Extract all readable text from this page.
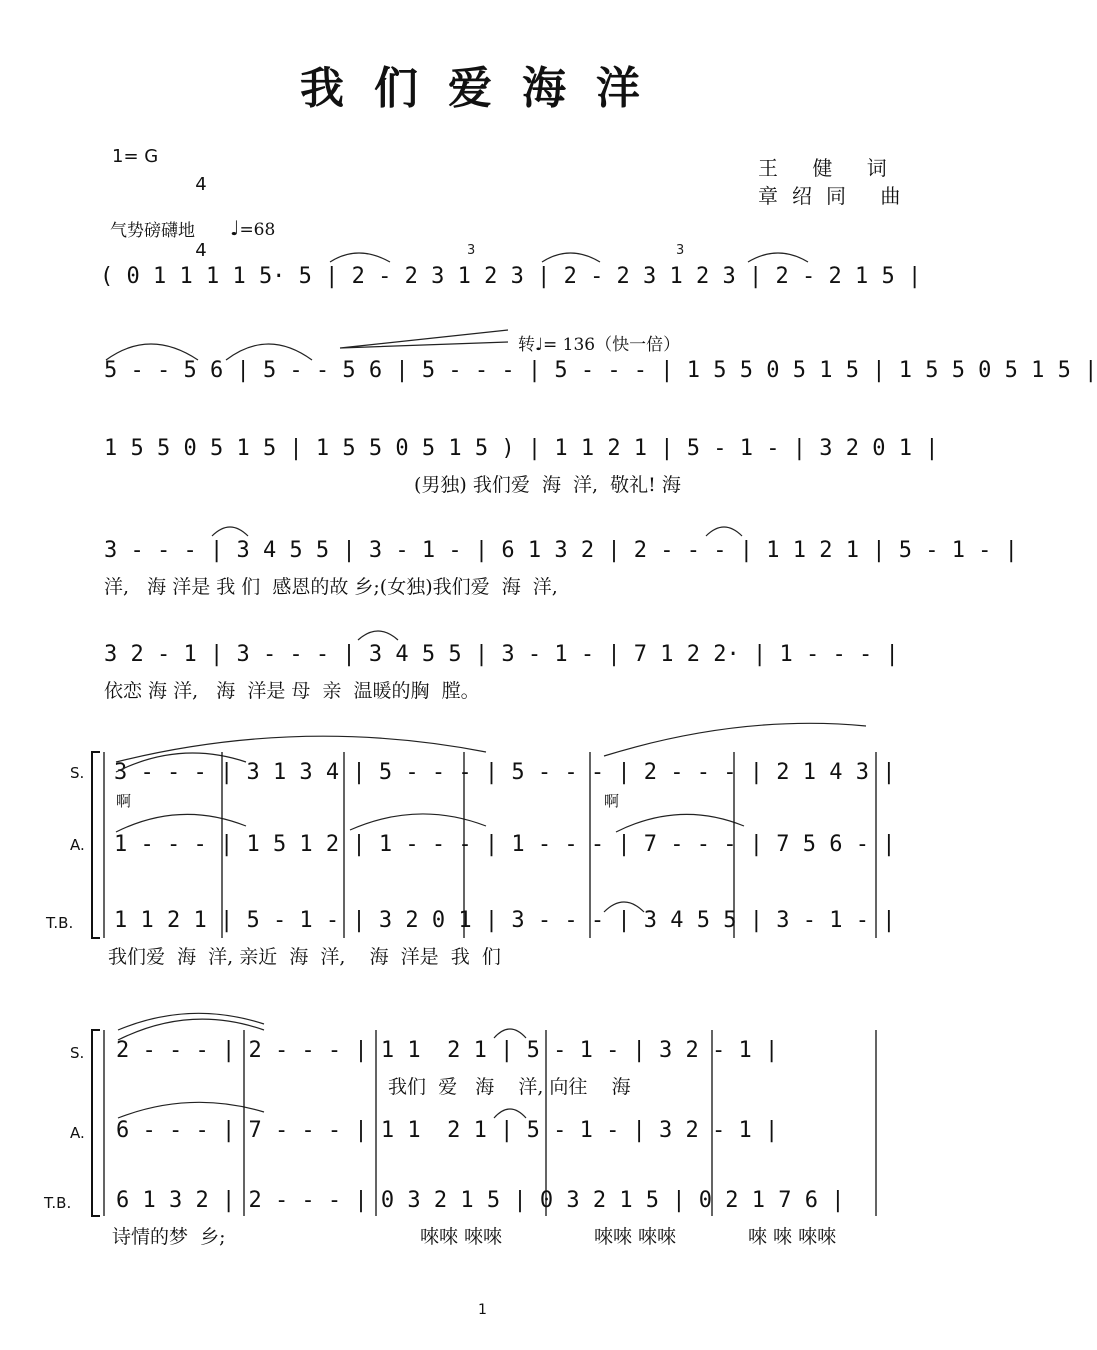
我们爱海洋
1= G

4

4

王 健 词
章绍同 曲
气势磅礴地 ♩=68
( 0 1 1 1 1 5· 5 | 2 - 2 3 1 2 3 | 2 - 2 3 1 2 3 | 2 - 2 1 5 |
转♩= 136（快一倍）
5 - - 5 6 | 5 - - 5 6 | 5 - - - | 5 - - - | 1 5 5 0 5 1 5 | 1 5 5 0 5 1 5 |
1 5 5 0 5 1 5 | 1 5 5 0 5 1 5 ) | 1 1 2 1 | 5 - 1 - | 3 2 0 1 |
(男独) 我们爱  海  洋,  敬礼! 海
3 - - - | 3 4 5 5 | 3 - 1 - | 6 1 3 2 | 2 - - - | 1 1 2 1 | 5 - 1 - |
洋,   海 洋是 我 们  感恩的故 乡;(女独)我们爱  海  洋,
3 2 - 1 | 3 - - - | 3 4 5 5 | 3 - 1 - | 7 1 2 2· | 1 - - - |
依恋 海 洋,   海  洋是 母  亲  温暖的胸  膛。
S. 3 - - - | 3 1 3 4 | 5 - - - | 5 - - - | 2 - - - | 2 1 4 3 |
啊	啊
A. 1 - - - | 1 5 1 2 | 1 - - - | 1 - - - | 7 - - - | 7 5 6 - |
T.B. 1 1 2 1 | 5 - 1 - | 3 2 0 1 | 3 - - - | 3 4 5 5 | 3 - 1 - |
我们爱  海  洋, 亲近  海  洋,    海  洋是  我  们
S. 2 - - - | 2 - - - | 1 1  2 1 | 5 - 1 - | 3 2 - 1 |
我们  爱   海    洋, 向往    海
A. 6 - - - | 7 - - - | 1 1  2 1 | 5 - 1 - | 3 2 - 1 |
T.B. 6 1 3 2 | 2 - - - | 0 3 2 1 5 | 0 3 2 1 5 | 0 2 1 7 6 |
诗情的梦  乡;	唻唻 唻唻	唻唻 唻唻	唻 唻 唻唻
1
3	3
